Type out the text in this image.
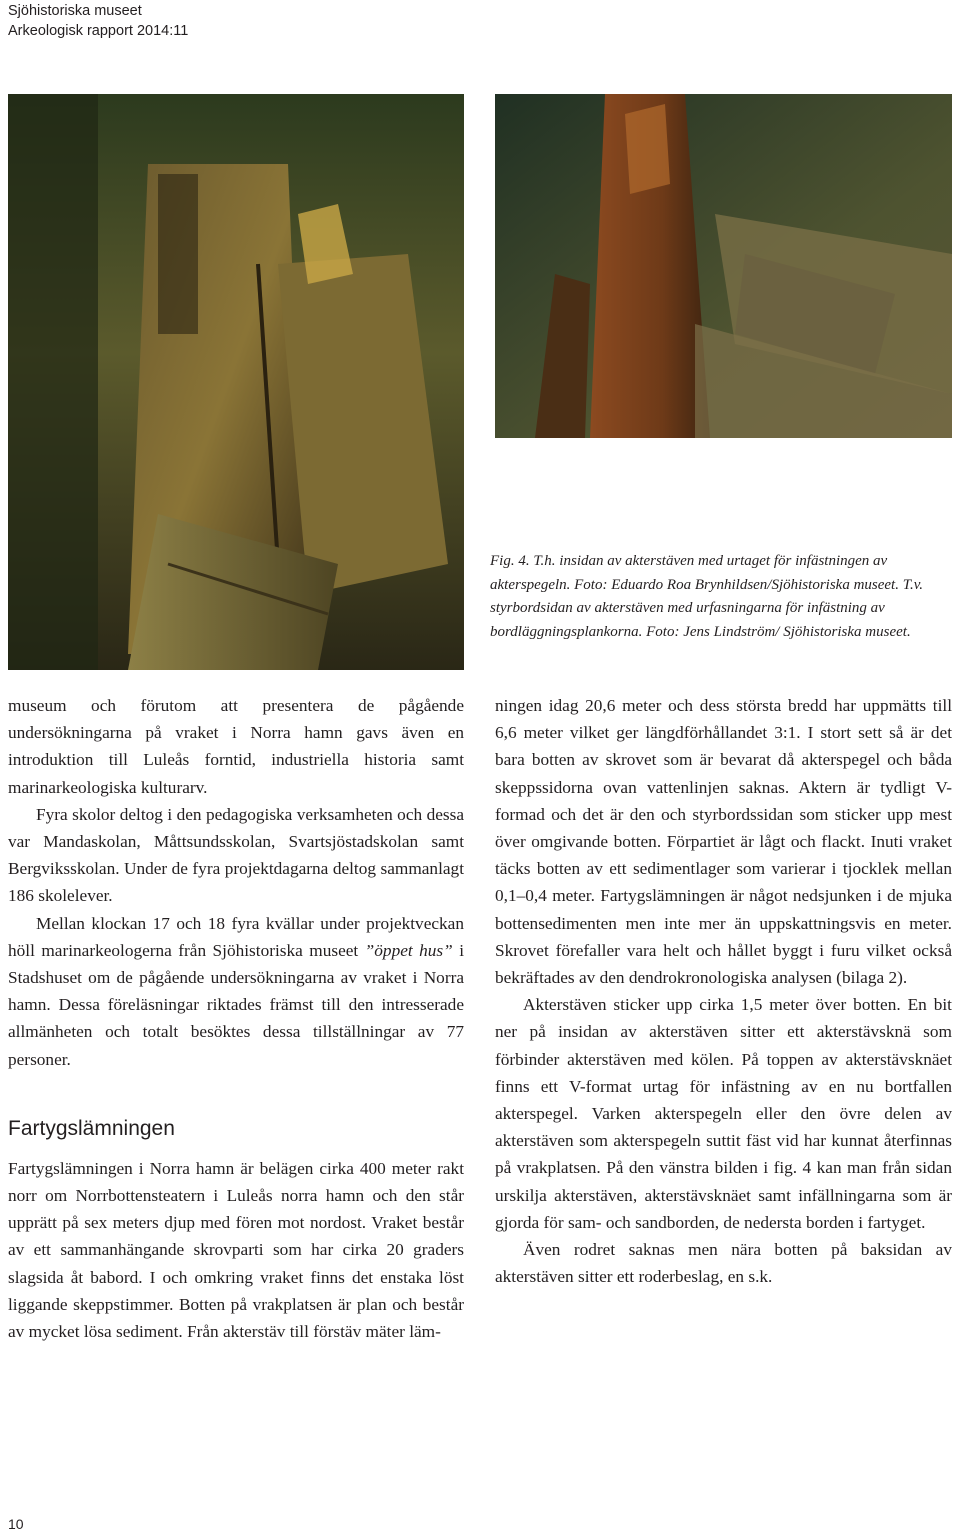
Sjöhistoriska museet
Arkeologisk rapport 2014:11

Fig. 4. T.h. insidan av akterstäven med urtaget för infästningen av akterspegeln. Foto: Eduardo Roa Brynhildsen/Sjöhistoriska museet. T.v. styrbordsidan av akterstäven med urfasningarna för infästning av bordläggningsplankorna. Foto: Jens Lindström/ Sjöhistoriska museet.

museum och förutom att presentera de pågående undersökningarna på vraket i Norra hamn gavs även en introduktion till Luleås forntid, industriella historia samt marinarkeologiska kulturarv.

Fyra skolor deltog i den pedagogiska verksamheten och dessa var Mandaskolan, Måttsundsskolan, Svartsjöstadskolan samt Bergviksskolan. Under de fyra projektdagarna deltog sammanlagt 186 skolelever.

Mellan klockan 17 och 18 fyra kvällar under projektveckan höll marinarkeologerna från Sjöhistoriska museet ”öppet hus” i Stadshuset om de pågående undersökningarna av vraket i Norra hamn. Dessa föreläsningar riktades främst till den intresserade allmänheten och totalt besöktes dessa tillställningar av 77 personer.

Fartygslämningen

Fartygslämningen i Norra hamn är belägen cirka 400 meter rakt norr om Norrbottensteatern i Luleås norra hamn och den står upprätt på sex meters djup med fören mot nordost. Vraket består av ett sammanhängande skrovparti som har cirka 20 graders slagsida åt babord. I och omkring vraket finns det enstaka löst liggande skeppstimmer. Botten på vrakplatsen är plan och består av mycket lösa sediment. Från akterstäv till förstäv mäter läm-

ningen idag 20,6 meter och dess största bredd har uppmätts till 6,6 meter vilket ger längdförhållandet 3:1. I stort sett så är det bara botten av skrovet som är bevarat då akterspegel och båda skeppssidorna ovan vattenlinjen saknas. Aktern är tydligt V-formad och det är den och styrbordssidan som sticker upp mest över omgivande botten. Förpartiet är lågt och flackt. Inuti vraket täcks botten av ett sedimentlager som varierar i tjocklek mellan 0,1–0,4 meter. Fartygslämningen är något nedsjunken i de mjuka bottensedimenten men inte mer än uppskattningsvis en meter. Skrovet förefaller vara helt och hållet byggt i furu vilket också bekräftades av den dendrokronologiska analysen (bilaga 2).

Akterstäven sticker upp cirka 1,5 meter över botten. En bit ner på insidan av akterstäven sitter ett akterstävsknä som förbinder akterstäven med kölen. På toppen av akterstävsknäet finns ett V-format urtag för infästning av en nu bortfallen akterspegel. Varken akterspegeln eller den övre delen av akterstäven som akterspegeln suttit fäst vid har kunnat återfinnas på vrakplatsen. På den vänstra bilden i fig. 4 kan man från sidan urskilja akterstäven, akterstävsknäet samt infällningarna som är gjorda för sam- och sandborden, de nedersta borden i fartyget.

Även rodret saknas men nära botten på baksidan av akterstäven sitter ett roderbeslag, en s.k.

10
